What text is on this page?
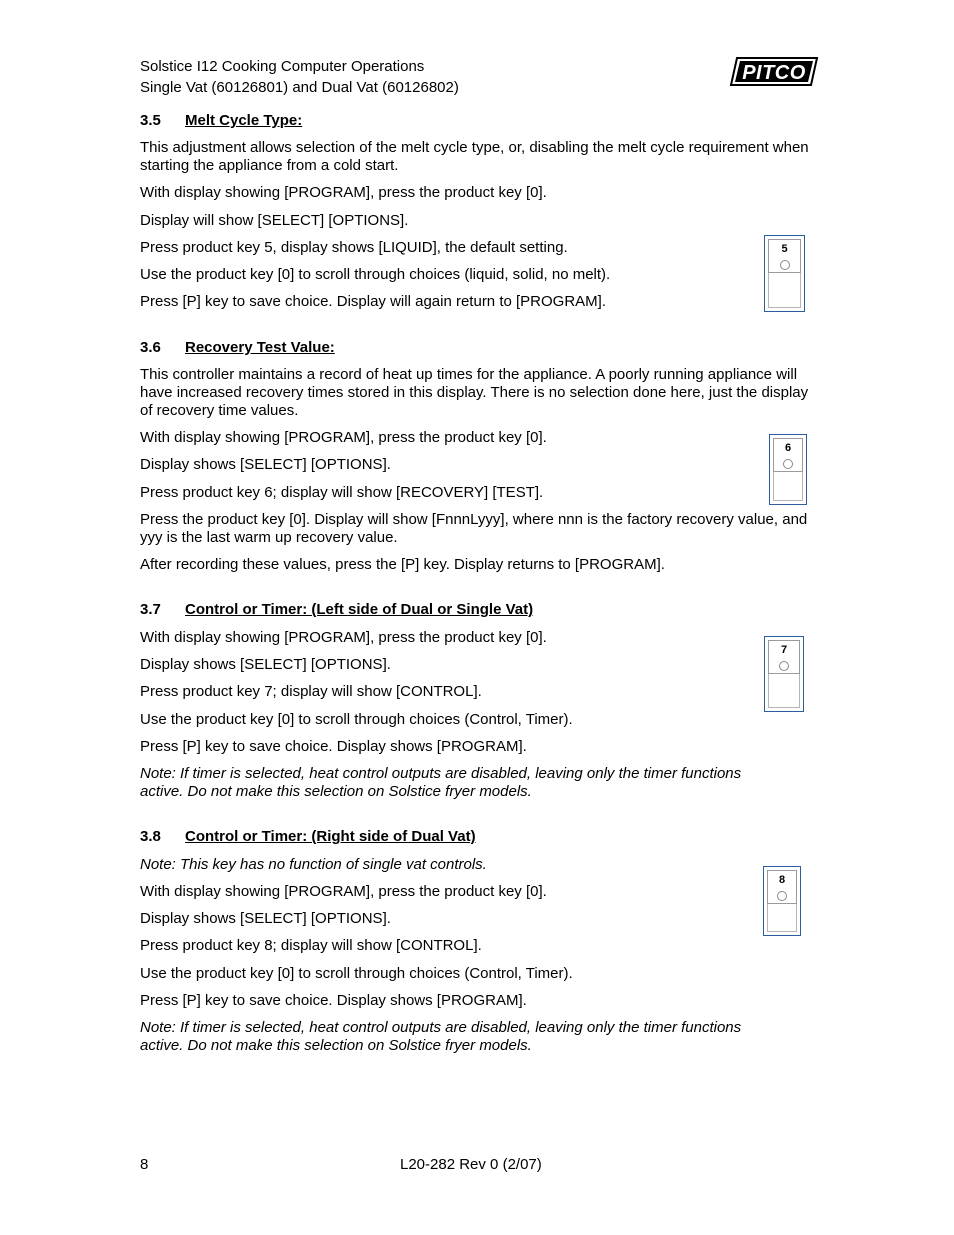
Solstice I12 Cooking Computer Operations
Single Vat (60126801) and Dual Vat (60126802)
PITCO
3.5 Melt Cycle Type:
This adjustment allows selection of the melt cycle type, or, disabling the melt cycle requirement when starting the appliance from a cold start.
With display showing [PROGRAM], press the product key [0].
Display will show [SELECT] [OPTIONS].
Press product key 5, display shows [LIQUID], the default setting.
Use the product key [0] to scroll through choices (liquid, solid, no melt).
Press [P] key to save choice. Display will again return to [PROGRAM].
5
3.6 Recovery Test Value:
This controller maintains a record of heat up times for the appliance. A poorly running appliance will have increased recovery times stored in this display. There is no selection done here, just the display of recovery time values.
With display showing [PROGRAM], press the product key [0].
Display shows [SELECT] [OPTIONS].
Press product key 6; display will show [RECOVERY] [TEST].
Press the product key [0]. Display will show [FnnnLyyy], where nnn is the factory recovery value, and yyy is the last warm up recovery value.
After recording these values, press the [P] key. Display returns to [PROGRAM].
6
3.7 Control or Timer: (Left side of Dual or Single Vat)
With display showing [PROGRAM], press the product key [0].
Display shows [SELECT] [OPTIONS].
Press product key 7; display will show [CONTROL].
Use the product key [0] to scroll through choices (Control, Timer).
Press [P] key to save choice. Display shows [PROGRAM].
Note: If timer is selected, heat control outputs are disabled, leaving only the timer functions active. Do not make this selection on Solstice fryer models.
7
3.8 Control or Timer: (Right side of Dual Vat)
Note: This key has no function of single vat controls.
With display showing [PROGRAM], press the product key [0].
Display shows [SELECT] [OPTIONS].
Press product key 8; display will show [CONTROL].
Use the product key [0] to scroll through choices (Control, Timer).
Press [P] key to save choice. Display shows [PROGRAM].
Note: If timer is selected, heat control outputs are disabled, leaving only the timer functions active. Do not make this selection on Solstice fryer models.
8
8	L20-282 Rev 0 (2/07)
